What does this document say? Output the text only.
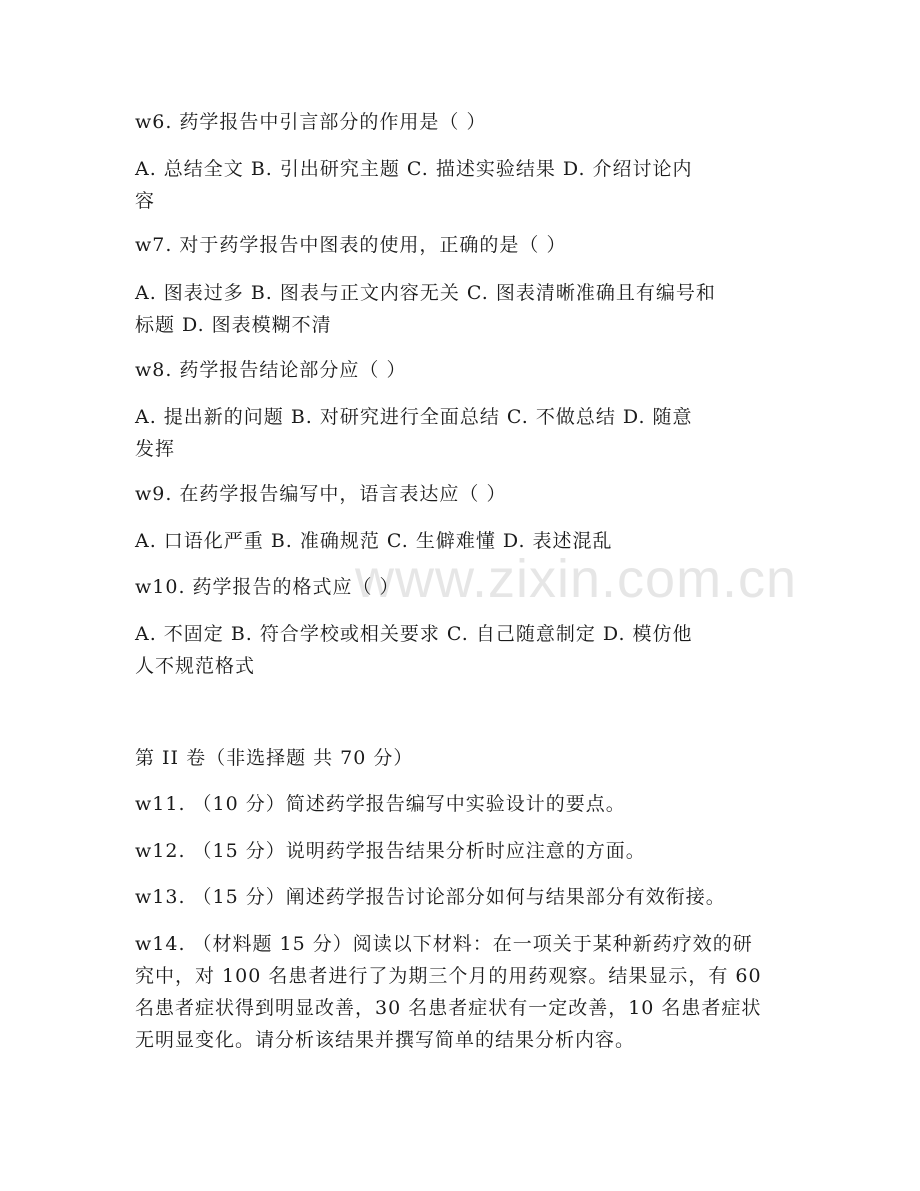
www.zixin.com.cn
w6. 药学报告中引言部分的作用是（ ）
A. 总结全文 B. 引出研究主题 C. 描述实验结果 D. 介绍讨论内
容
w7. 对于药学报告中图表的使用，正确的是（ ）
A. 图表过多 B. 图表与正文内容无关 C. 图表清晰准确且有编号和
标题 D. 图表模糊不清
w8. 药学报告结论部分应（ ）
A. 提出新的问题 B. 对研究进行全面总结 C. 不做总结 D. 随意
发挥
w9. 在药学报告编写中，语言表达应（ ）
A. 口语化严重 B. 准确规范 C. 生僻难懂 D. 表述混乱
w10. 药学报告的格式应（ ）
A. 不固定 B. 符合学校或相关要求 C. 自己随意制定 D. 模仿他
人不规范格式
第 II 卷（非选择题 共 70 分）
w11. （10 分）简述药学报告编写中实验设计的要点。
w12. （15 分）说明药学报告结果分析时应注意的方面。
w13. （15 分）阐述药学报告讨论部分如何与结果部分有效衔接。
w14. （材料题 15 分）阅读以下材料：在一项关于某种新药疗效的研
究中，对 100 名患者进行了为期三个月的用药观察。结果显示，有 60
名患者症状得到明显改善，30 名患者症状有一定改善，10 名患者症状
无明显变化。请分析该结果并撰写简单的结果分析内容。
